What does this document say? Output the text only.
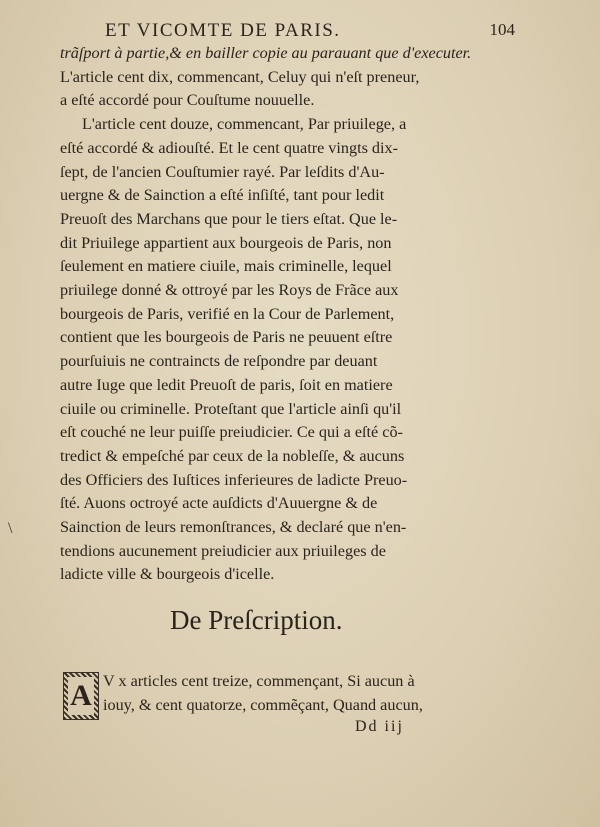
ET VICOMTE DE PARIS.	104
trãſport à partie,& en bailler copie au parauant que d'executer.
L'article cent dix, commencant, Celuy qui n'eſt preneur,
a eſté accordé pour Couſtume nouuelle.
L'article cent douze, commencant, Par priuilege, a
eſté accordé & adiouſté. Et le cent quatre vingts dix-
ſept, de l'ancien Couſtumier rayé. Par leſdits d'Au-
uergne & de Sainction a eſté inſiſté, tant pour ledit
Preuoſt des Marchans que pour le tiers eſtat. Que le-
dit Priuilege appartient aux bourgeois de Paris, non
ſeulement en matiere ciuile, mais criminelle, lequel
priuilege donné & ottroyé par les Roys de Frãce aux
bourgeois de Paris, verifié en la Cour de Parlement,
contient que les bourgeois de Paris ne peuuent eſtre
pourſuiuis ne contraincts de reſpondre par deuant
autre Iuge que ledit Preuoſt de paris, ſoit en matiere
ciuile ou criminelle. Proteſtant que l'article ainſi qu'il
eſt couché ne leur puiſſe preiudicier. Ce qui a eſté cõ-
tredict & empeſché par ceux de la nobleſſe, & aucuns
des Officiers des Iuſtices inferieures de ladicte Preuo-
ſté. Auons octroyé acte auſdicts d'Auuergne & de
Sainction de leurs remonſtrances, & declaré que n'en-
tendions aucunement preiudicier aux priuileges de
ladicte ville & bourgeois d'icelle.
\
De Preſcription.
A V x articles cent treize, commençant, Si aucun à
iouy, & cent quatorze, commẽçant, Quand aucun,
Dd iij
